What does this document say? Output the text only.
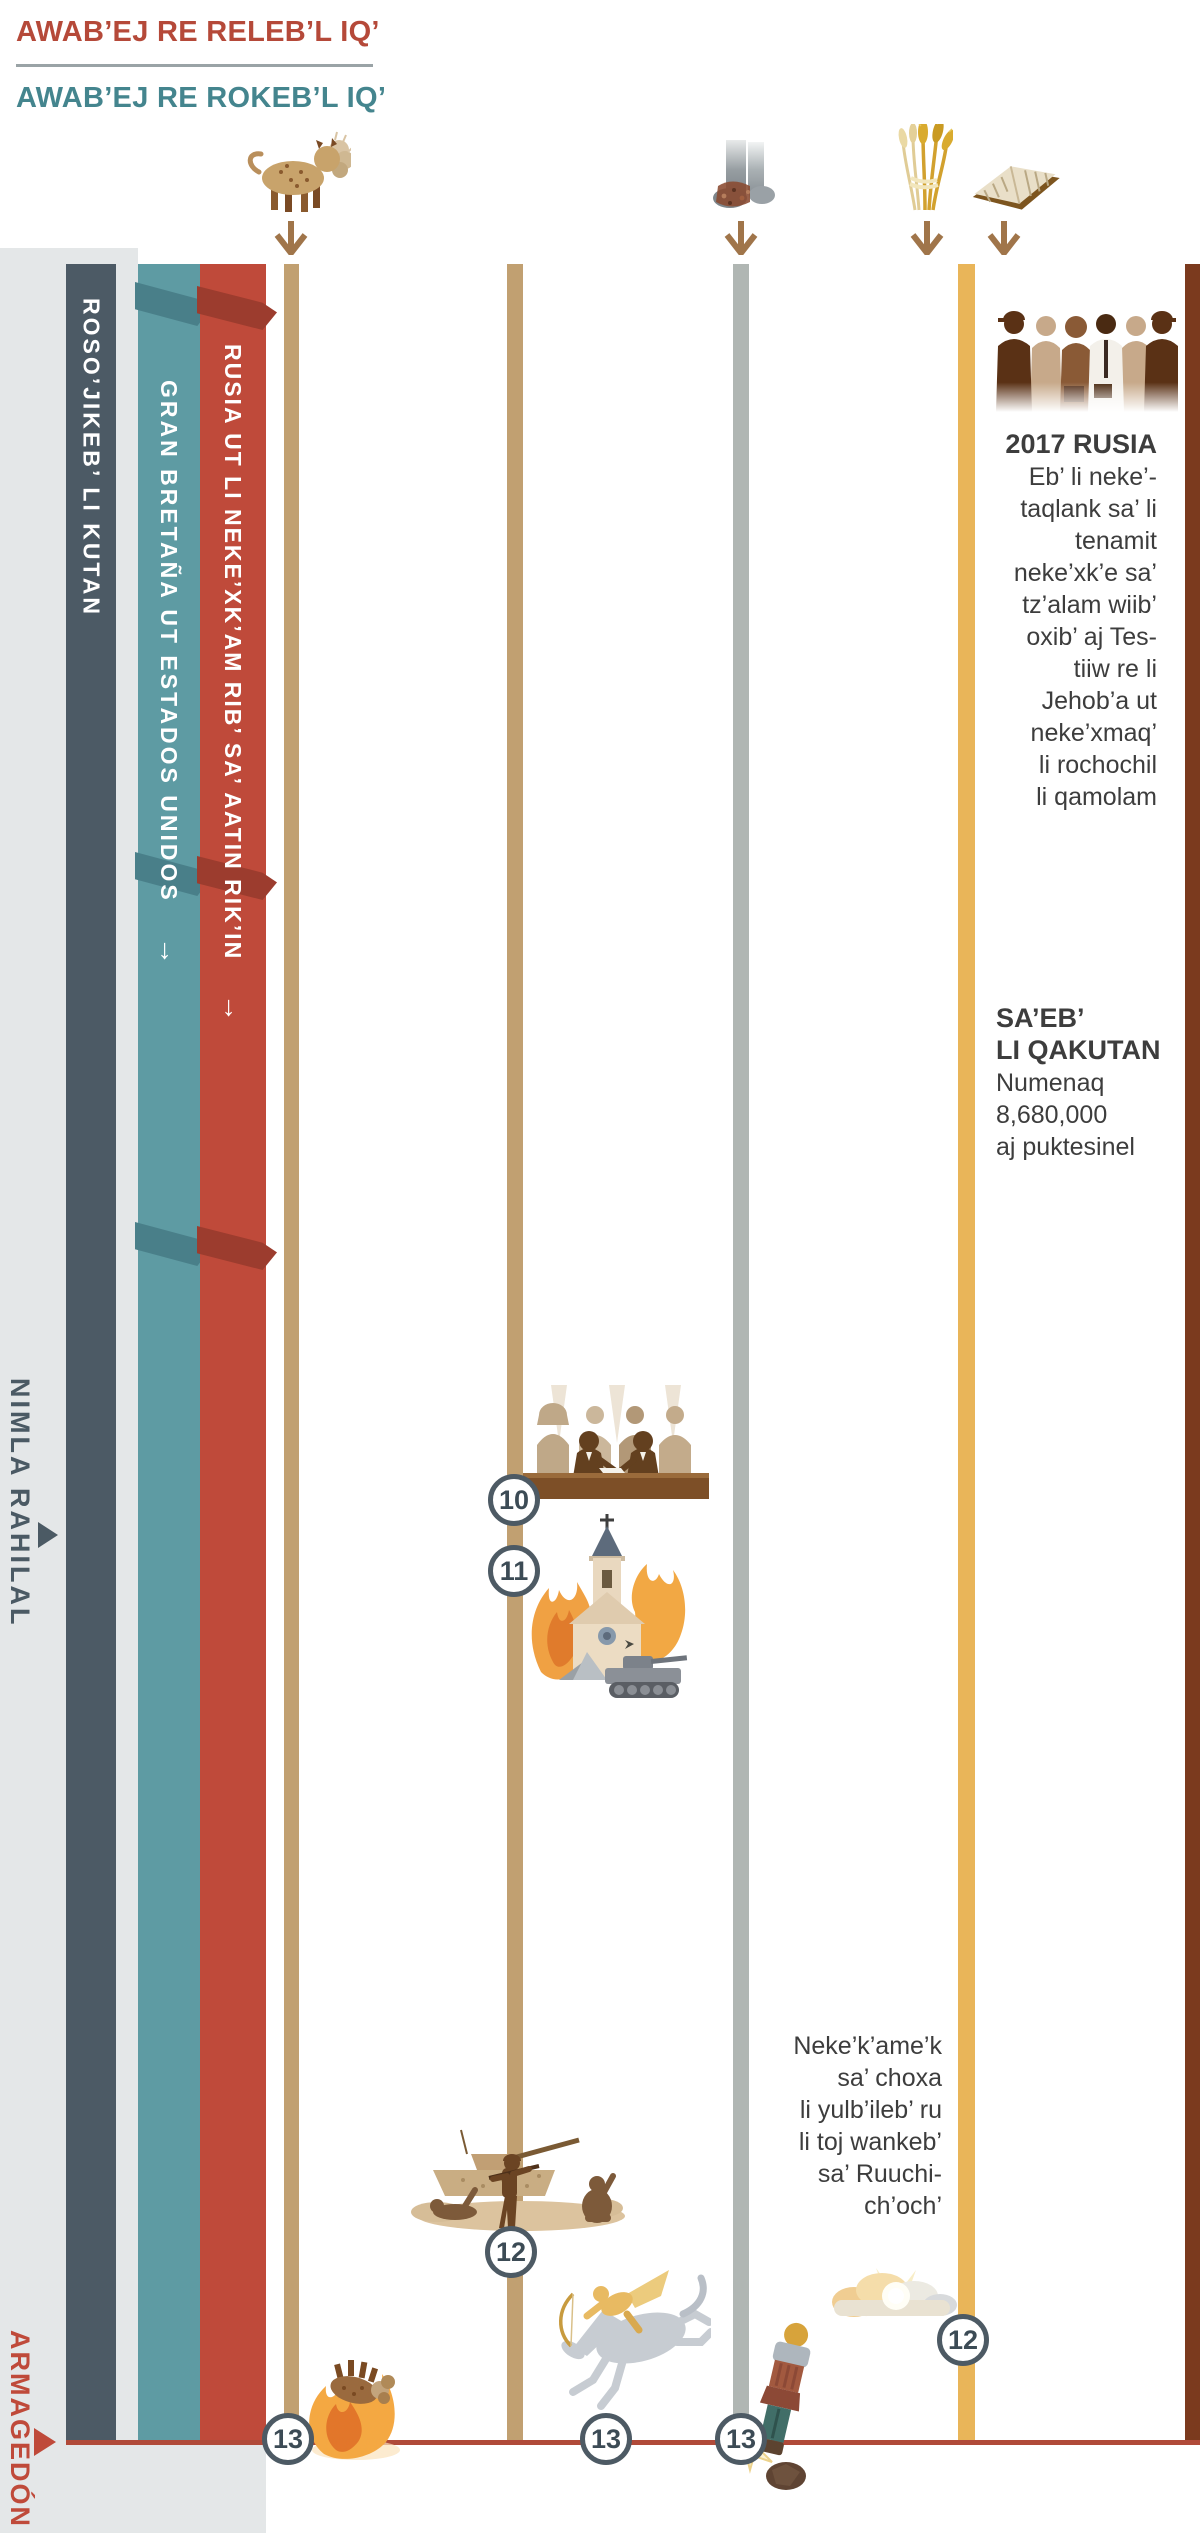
ROSO’JIKEB’ LI KUTAN GRAN BRETAÑA UT ESTADOS UNIDOS→ RUSIA UT LI NEKE’XK’AM RIB’ SA’ AATIN RIK’IN→
10
11
12
12
13	13	13

2017 RUSIA

Eb’ li neke’-
taqlank sa’ li
tenamit
neke’xk’e sa’
tz’alam wiib’
oxib’ aj Tes-
tiiw re li
Jehob’a ut
neke’xmaq’
li rochochil
li qamolam

SA’EB’
LI QAKUTAN

Numenaq
8,680,000
aj puktesinel
Neke’k’ame’k
sa’ choxa
li yulb’ileb’ ru
li toj wankeb’
sa’ Ruuchi-
ch’och’
NIMLA RAHILAL
ARMAGEDÓN
AWAB’EJ RE RELEB’L IQ’
AWAB’EJ RE ROKEB’L IQ’
